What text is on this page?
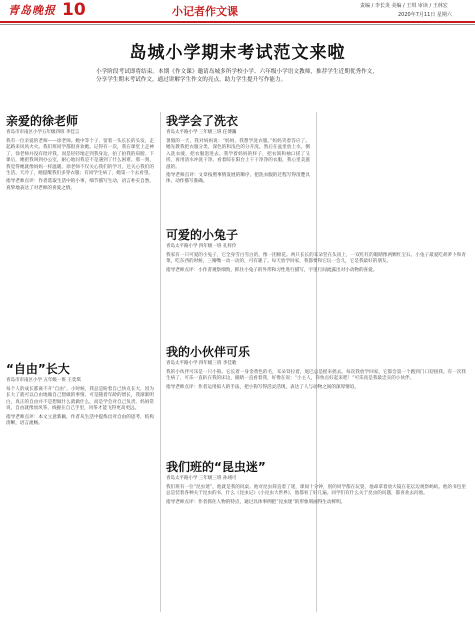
青岛晚报 10	小记者作文课	责编 / 李长炎 美编 / 王琪 审读 / 王林宏
2020年7月11日 星期六
岛城小学期末考试范文来啦
小学阶段考试即将结束。本期《作文课》邀请岛城多所学校小学、六年级小学语文教师，推荐学生近期优秀作文，分享学生期末考试作文，通过讲解学生作文的亮点，助力学生提升写作能力。
亲爱的徐老师
青岛市市南区小学五年级四班 李佳言
我有一位亲爱的老师——徐老师。她中等个子，留着一头长长的头发，走起路来风风火火。我们班同学都很喜欢她。记得有一次，我在课堂上走神了，徐老师并没有批评我，而是轻轻地走到我身边，拍了拍我的肩膀。下课后，她把我叫到办公室，耐心地问我是不是遇到了什么困难。那一刻，我觉得她就像妈妈一样温暖。徐老师不仅关心我们的学习，还关心我们的生活。天冷了，她提醒我们多穿衣服；有同学生病了，她第一个去看望。
指导老师点评：作者选取生活中的小事，细节描写生动，语言朴实自然，真挚地表达了对老师的喜爱之情。
“自由”长大
青岛市市南区小学 五年级一班 王奕琪
每个人的成长都离不开“自由”。小时候，我总是盼着自己快点长大，因为长大了就可以自由地做自己想做的事情。可是随着年龄的增长，我渐渐明白，真正的自由并不是想做什么就做什么，而是学会对自己负责。妈妈常说，自由就像放风筝，线握在自己手里，风筝才能飞得更高更远。
指导老师点评：本文立意新颖，作者从生活中提炼出对自由的思考，结构清晰，语言流畅。
我学会了洗衣
青岛太平路小学 三年级三班 任博瀚
暑假的一天，我对妈妈说：“妈妈，我想学洗衣服。”妈妈笑着答应了。她先教我把衣服分类，深色的和浅色的分开洗。然后在盆里放上水，倒入洗衣液，把衣服泡进去。我学着妈妈的样子，把衣领和袖口搓了又搓，再用清水冲洗干净。看着晾在阳台上干干净净的衣服，我心里美滋滋的。
指导老师点评：文章按照事情发展的顺序，把洗衣服的过程写得清楚具体，动作描写准确。
可爱的小兔子
青岛太平路小学 四年级一班 孔梓伶
我家有一只可爱的小兔子，它全身雪白雪白的，像一团棉花。两只长长的耳朵竖在头顶上，一双红红的眼睛像两颗红宝石。小兔子最爱吃胡萝卜和青菜，吃东西的时候，三瓣嘴一动一动的，可有趣了。每天放学回家，我都要和它玩一会儿，它是我最好的朋友。
指导老师点评：小作者观察细致，抓住小兔子的外形和习性进行描写，字里行间流露出对小动物的喜爱。
我的小伙伴可乐
青岛太平路小学 四年级三班 李佳歌
我的小伙伴可乐是一只小狗。它长着一身金黄色的毛，耳朵耷拉着，尾巴总是摇来摇去。每次我放学回家，它都会第一个跑到门口迎接我。有一次我生病了，可乐一直趴在我的床边，眼睛一直看着我，好像在说：“小主人，你快点好起来吧！”可乐真是我最忠实的小伙伴。
指导老师点评：作者运用拟人的手法，把小狗写得活灵活现，表达了人与动物之间的深厚情谊。
我们班的“昆虫迷”
青岛太平路小学 三年级三班 孙翊可
我们班有一位“昆虫迷”，他就是我的同桌。他对昆虫简直着了迷，课间十分钟，别的同学都在玩耍，他却拿着放大镜在花坛边观察蚂蚁。他的书包里总是装着各种关于昆虫的书，什么《昆虫记》《小昆虫大世界》，他都看了好几遍。同学们有什么关于昆虫的问题，都喜欢去问他。
指导老师点评：作者抓住人物的特点，通过具体事例把“昆虫迷”的形象刻画得生动鲜明。
